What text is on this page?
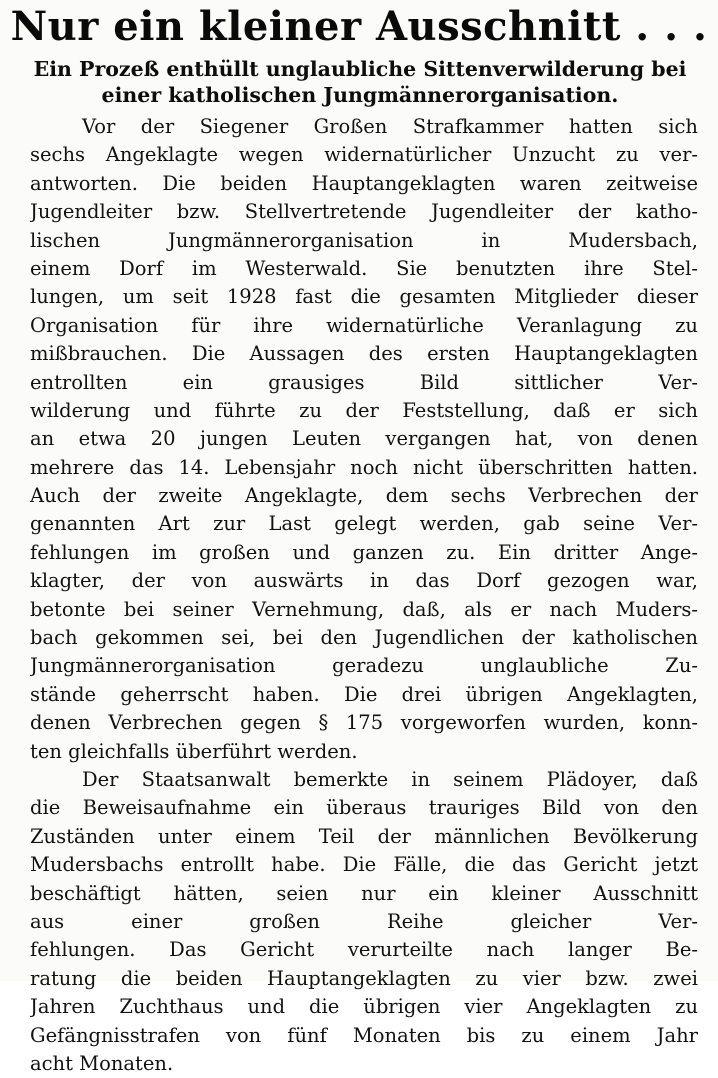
Nur ein kleiner Ausschnitt . . .
Ein Prozeß enthüllt unglaubliche Sittenverwilderung bei
einer katholischen Jungmännerorganisation.
Vor der Siegener Großen Strafkammer hatten sich
sechs Angeklagte wegen widernatürlicher Unzucht zu ver-
antworten. Die beiden Hauptangeklagten waren zeitweise
Jugendleiter bzw. Stellvertretende Jugendleiter der katho-
lischen Jungmännerorganisation in Mudersbach,
einem Dorf im Westerwald. Sie benutzten ihre Stel-
lungen, um seit 1928 fast die gesamten Mitglieder dieser
Organisation für ihre widernatürliche Veranlagung zu
mißbrauchen. Die Aussagen des ersten Hauptangeklagten
entrollten ein grausiges Bild sittlicher Ver-
wilderung und führte zu der Feststellung, daß er sich
an etwa 20 jungen Leuten vergangen hat, von denen
mehrere das 14. Lebensjahr noch nicht überschritten hatten.
Auch der zweite Angeklagte, dem sechs Verbrechen der
genannten Art zur Last gelegt werden, gab seine Ver-
fehlungen im großen und ganzen zu. Ein dritter Ange-
klagter, der von auswärts in das Dorf gezogen war,
betonte bei seiner Vernehmung, daß, als er nach Muders-
bach gekommen sei, bei den Jugendlichen der katholischen
Jungmännerorganisation geradezu unglaubliche Zu-
stände geherrscht haben. Die drei übrigen Angeklagten,
denen Verbrechen gegen § 175 vorgeworfen wurden, konn-
ten gleichfalls überführt werden.
Der Staatsanwalt bemerkte in seinem Plädoyer, daß
die Beweisaufnahme ein überaus trauriges Bild von den
Zuständen unter einem Teil der männlichen Bevölkerung
Mudersbachs entrollt habe. Die Fälle, die das Gericht jetzt
beschäftigt hätten, seien nur ein kleiner Ausschnitt
aus einer großen Reihe gleicher Ver-
fehlungen. Das Gericht verurteilte nach langer Be-
ratung die beiden Hauptangeklagten zu vier bzw. zwei
Jahren Zuchthaus und die übrigen vier Angeklagten zu
Gefängnisstrafen von fünf Monaten bis zu einem Jahr
acht Monaten.
